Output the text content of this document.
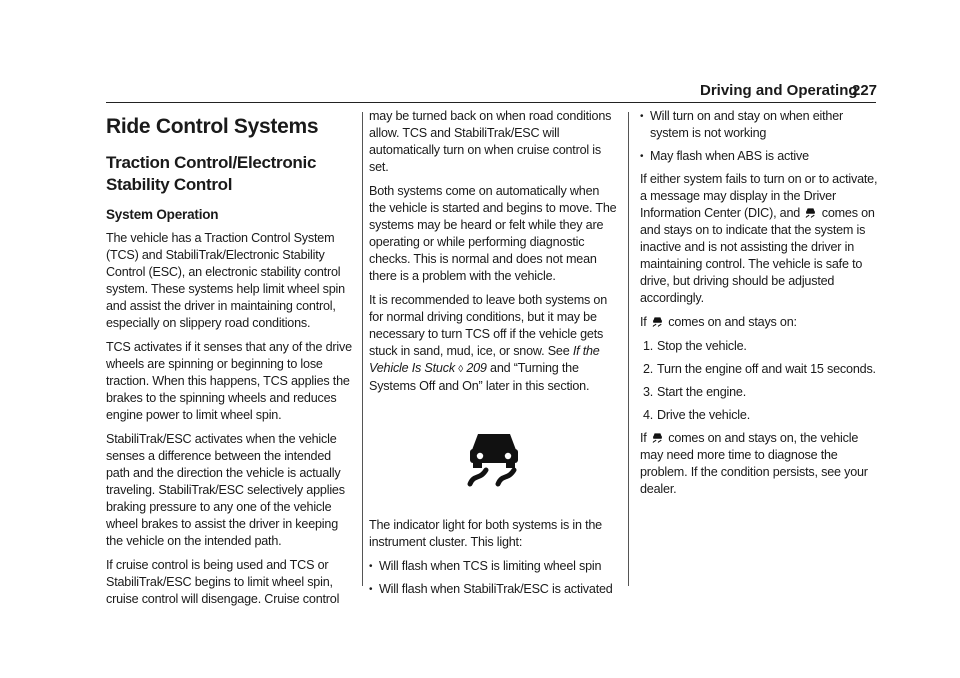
Driving and Operating
227
Ride Control Systems
Traction Control/Electronic
Stability Control
System Operation

The vehicle has a Traction Control System (TCS) and StabiliTrak/Electronic Stability Control (ESC), an electronic stability control system. These systems help limit wheel spin and assist the driver in maintaining control, especially on slippery road conditions.

TCS activates if it senses that any of the drive wheels are spinning or beginning to lose traction. When this happens, TCS applies the brakes to the spinning wheels and reduces engine power to limit wheel spin.

StabiliTrak/ESC activates when the vehicle senses a difference between the intended path and the direction the vehicle is actually traveling. StabiliTrak/ESC selectively applies braking pressure to any one of the vehicle wheel brakes to assist the driver in keeping the vehicle on the intended path.

If cruise control is being used and TCS or StabiliTrak/ESC begins to limit wheel spin, cruise control will disengage. Cruise control

may be turned back on when road conditions allow. TCS and StabiliTrak/ESC will automatically turn on when cruise control is set.

Both systems come on automatically when the vehicle is started and begins to move. The systems may be heard or felt while they are operating or while performing diagnostic checks. This is normal and does not mean there is a problem with the vehicle.

It is recommended to leave both systems on for normal driving conditions, but it may be necessary to turn TCS off if the vehicle gets stuck in sand, mud, ice, or snow. See If the Vehicle Is Stuck ◊ 209 and “Turning the Systems Off and On” later in this section.

The indicator light for both systems is in the instrument cluster. This light:

• Will flash when TCS is limiting wheel spin
• Will flash when StabiliTrak/ESC is activated
• Will turn on and stay on when either system is not working
• May flash when ABS is active

If either system fails to turn on or to activate, a message may display in the Driver Information Center (DIC), and comes on and stays on to indicate that the system is inactive and is not assisting the driver in maintaining control. The vehicle is safe to drive, but driving should be adjusted accordingly.

If comes on and stays on:

1. Stop the vehicle.
2. Turn the engine off and wait 15 seconds.
3. Start the engine.
4. Drive the vehicle.

If comes on and stays on, the vehicle may need more time to diagnose the problem. If the condition persists, see your dealer.
